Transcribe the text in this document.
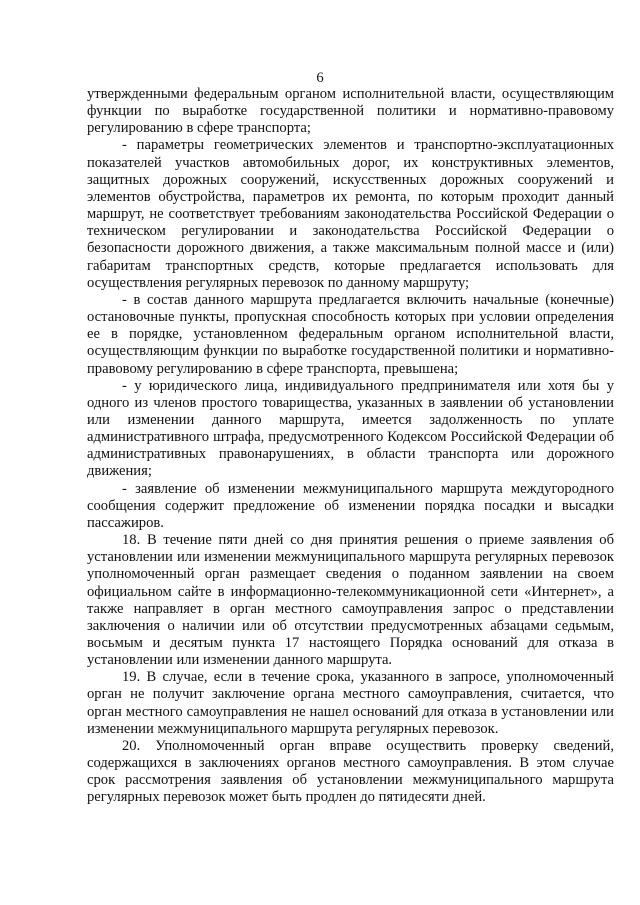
6

утвержденными федеральным органом исполнительной власти, осуществляющим функции по выработке государственной политики и нормативно-правовому регулированию в сфере транспорта;

- параметры геометрических элементов и транспортно-эксплуатационных показателей участков автомобильных дорог, их конструктивных элементов, защитных дорожных сооружений, искусственных дорожных сооружений и элементов обустройства, параметров их ремонта, по которым проходит данный маршрут, не соответствует требованиям законодательства Российской Федерации о техническом регулировании и законодательства Российской Федерации о безопасности дорожного движения, а также максимальным полной массе и (или) габаритам транспортных средств, которые предлагается использовать для осуществления регулярных перевозок по данному маршруту;

- в состав данного маршрута предлагается включить начальные (конечные) остановочные пункты, пропускная способность которых при условии определения ее в порядке, установленном федеральным органом исполнительной власти, осуществляющим функции по выработке государственной политики и нормативно-правовому регулированию в сфере транспорта, превышена;

- у юридического лица, индивидуального предпринимателя или хотя бы у одного из членов простого товарищества, указанных в заявлении об установлении или изменении данного маршрута, имеется задолженность по уплате административного штрафа, предусмотренного Кодексом Российской Федерации об административных правонарушениях, в области транспорта или дорожного движения;

- заявление об изменении межмуниципального маршрута междугородного сообщения содержит предложение об изменении порядка посадки и высадки пассажиров.

18. В течение пяти дней со дня принятия решения о приеме заявления об установлении или изменении межмуниципального маршрута регулярных перевозок уполномоченный орган размещает сведения о поданном заявлении на своем официальном сайте в информационно-телекоммуникационной сети «Интернет», а также направляет в орган местного самоуправления запрос о представлении заключения о наличии или об отсутствии предусмотренных абзацами седьмым, восьмым и десятым пункта 17 настоящего Порядка оснований для отказа в установлении или изменении данного маршрута.

19. В случае, если в течение срока, указанного в запросе, уполномоченный орган не получит заключение органа местного самоуправления, считается, что орган местного самоуправления не нашел оснований для отказа в установлении или изменении межмуниципального маршрута регулярных перевозок.

20. Уполномоченный орган вправе осуществить проверку сведений, содержащихся в заключениях органов местного самоуправления. В этом случае срок рассмотрения заявления об установлении межмуниципального маршрута регулярных перевозок может быть продлен до пятидесяти дней.
